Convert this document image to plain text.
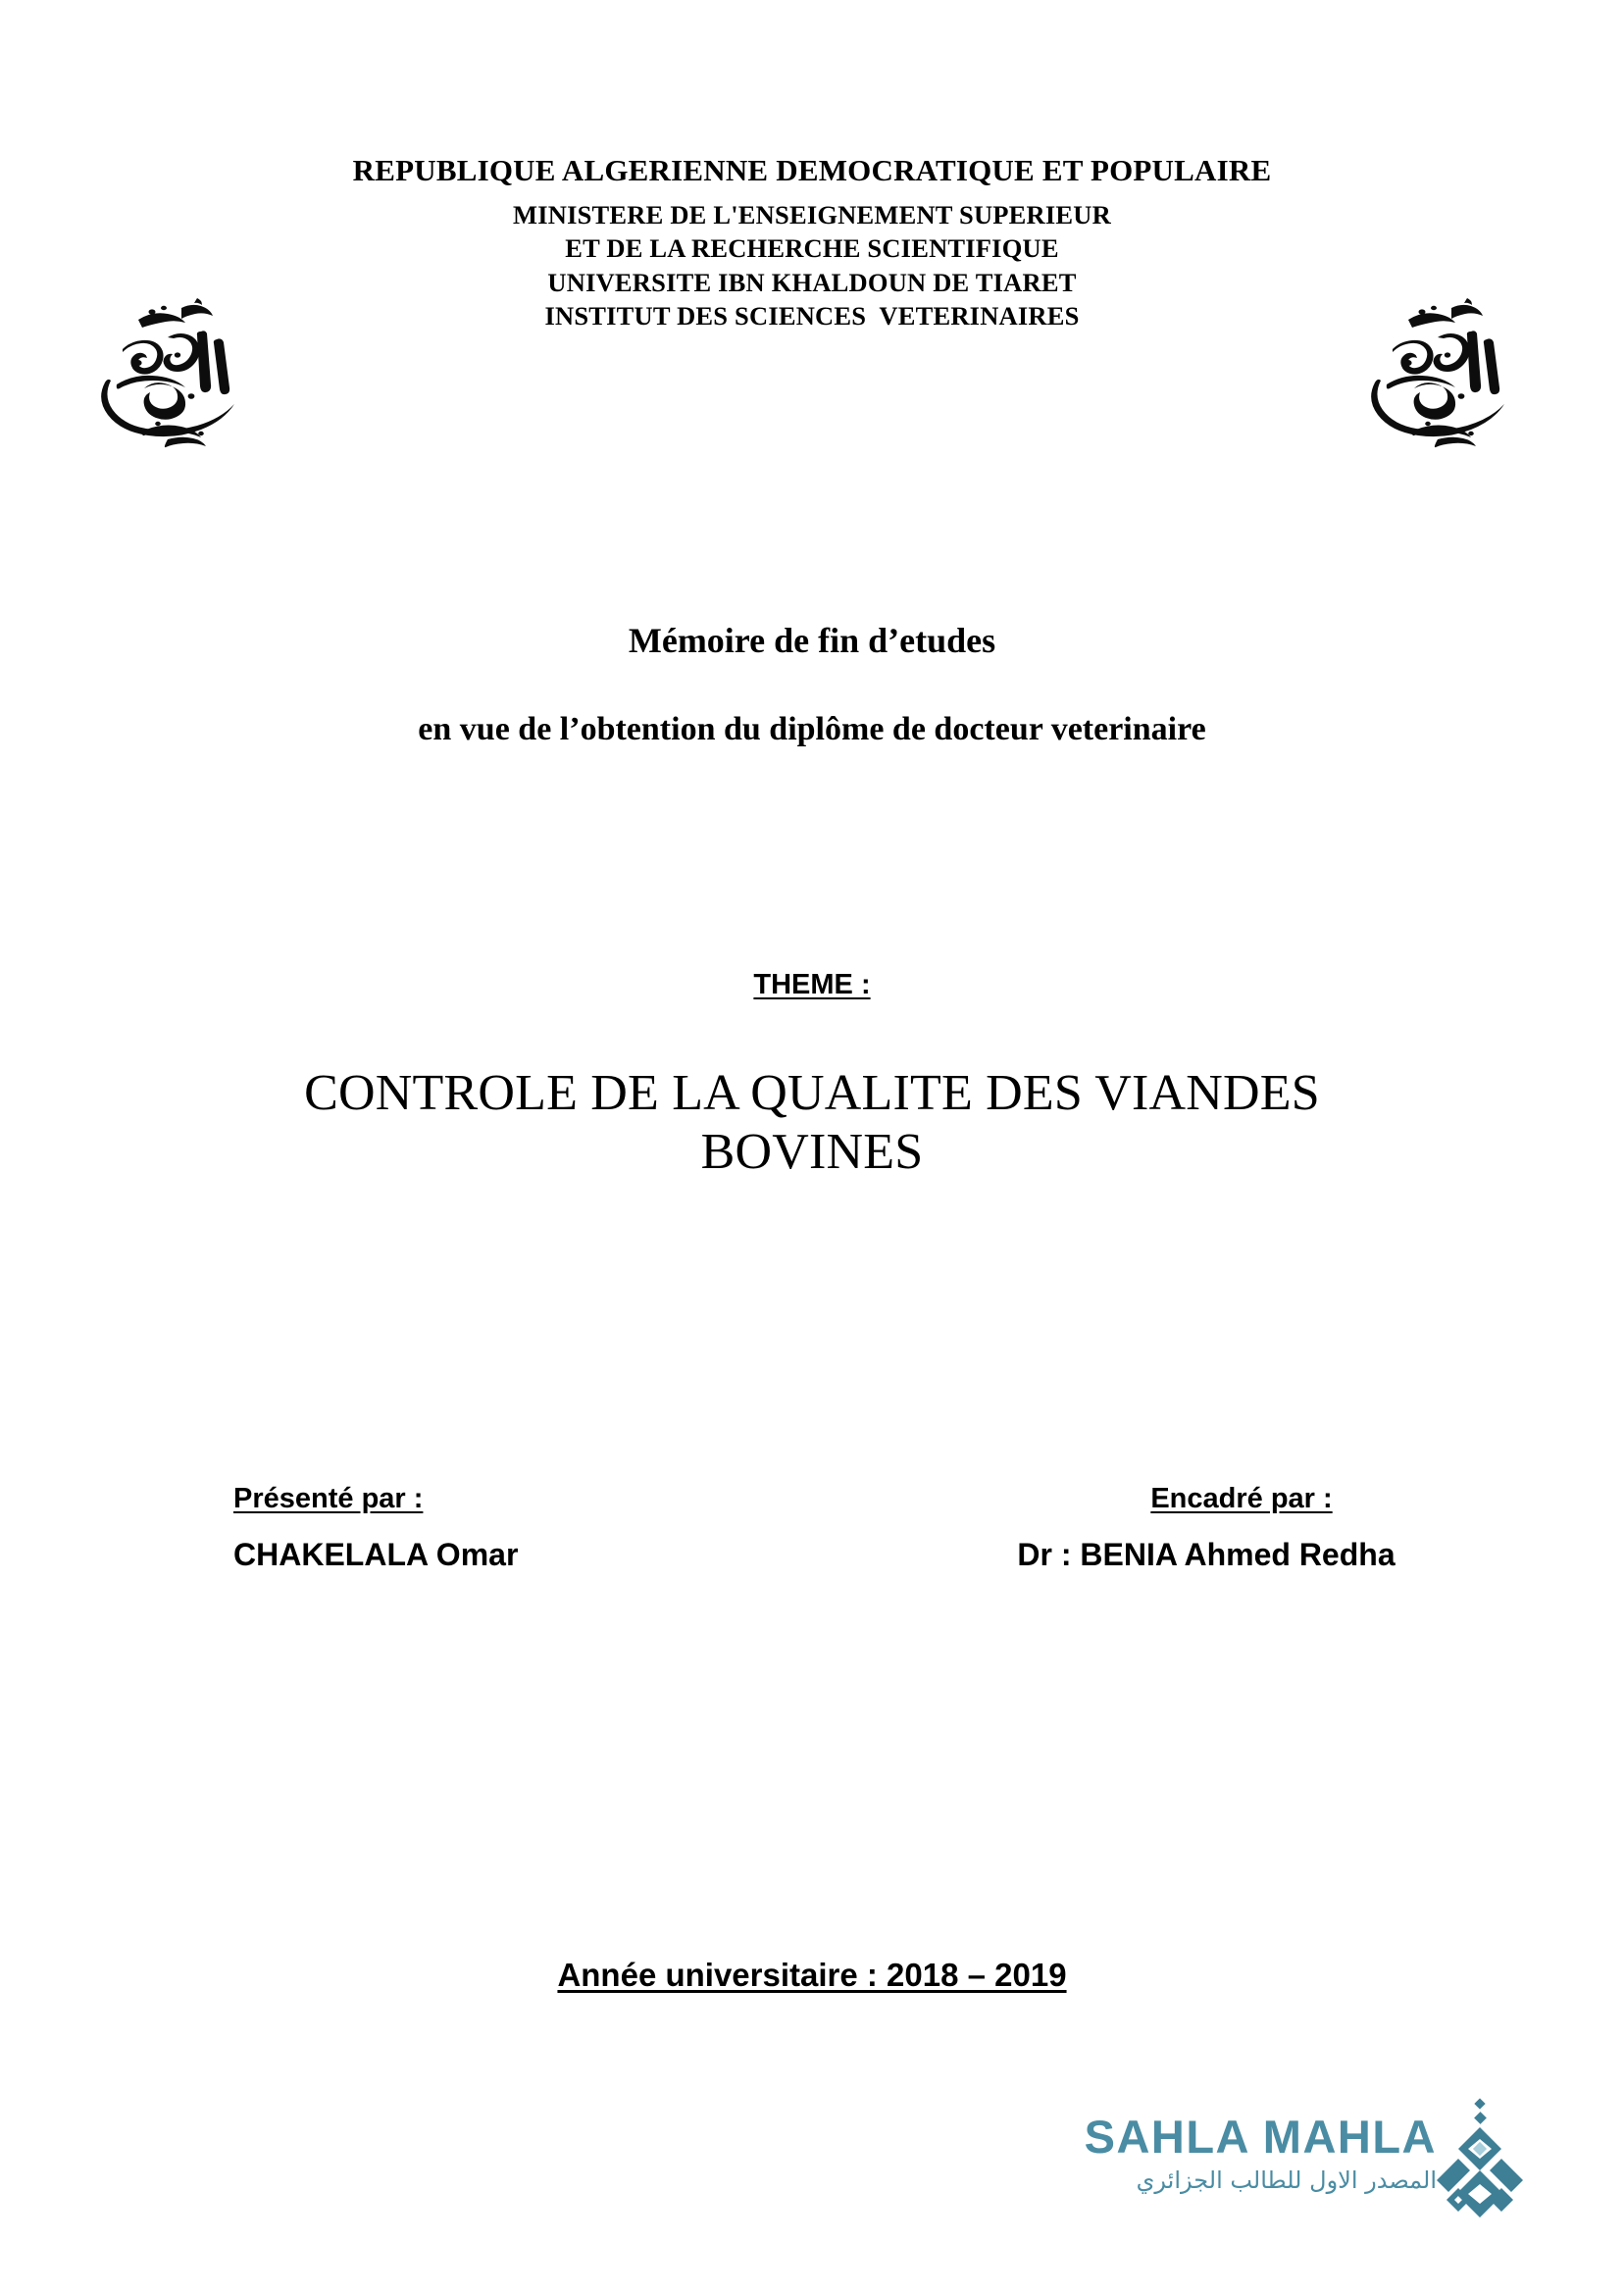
REPUBLIQUE ALGERIENNE DEMOCRATIQUE ET POPULAIRE
MINISTERE DE L'ENSEIGNEMENT SUPERIEUR
ET DE LA RECHERCHE SCIENTIFIQUE
UNIVERSITE IBN KHALDOUN DE TIARET
INSTITUT DES SCIENCES  VETERINAIRES
Mémoire de fin d’etudes
en vue de l’obtention du diplôme de docteur veterinaire
THEME :
CONTROLE DE LA QUALITE DES VIANDES
BOVINES
Présenté par :
CHAKELALA Omar
Encadré par :
Dr : BENIA Ahmed Redha
Année universitaire : 2018 – 2019
SAHLA MAHLA
المصدر الاول للطالب الجزائري
